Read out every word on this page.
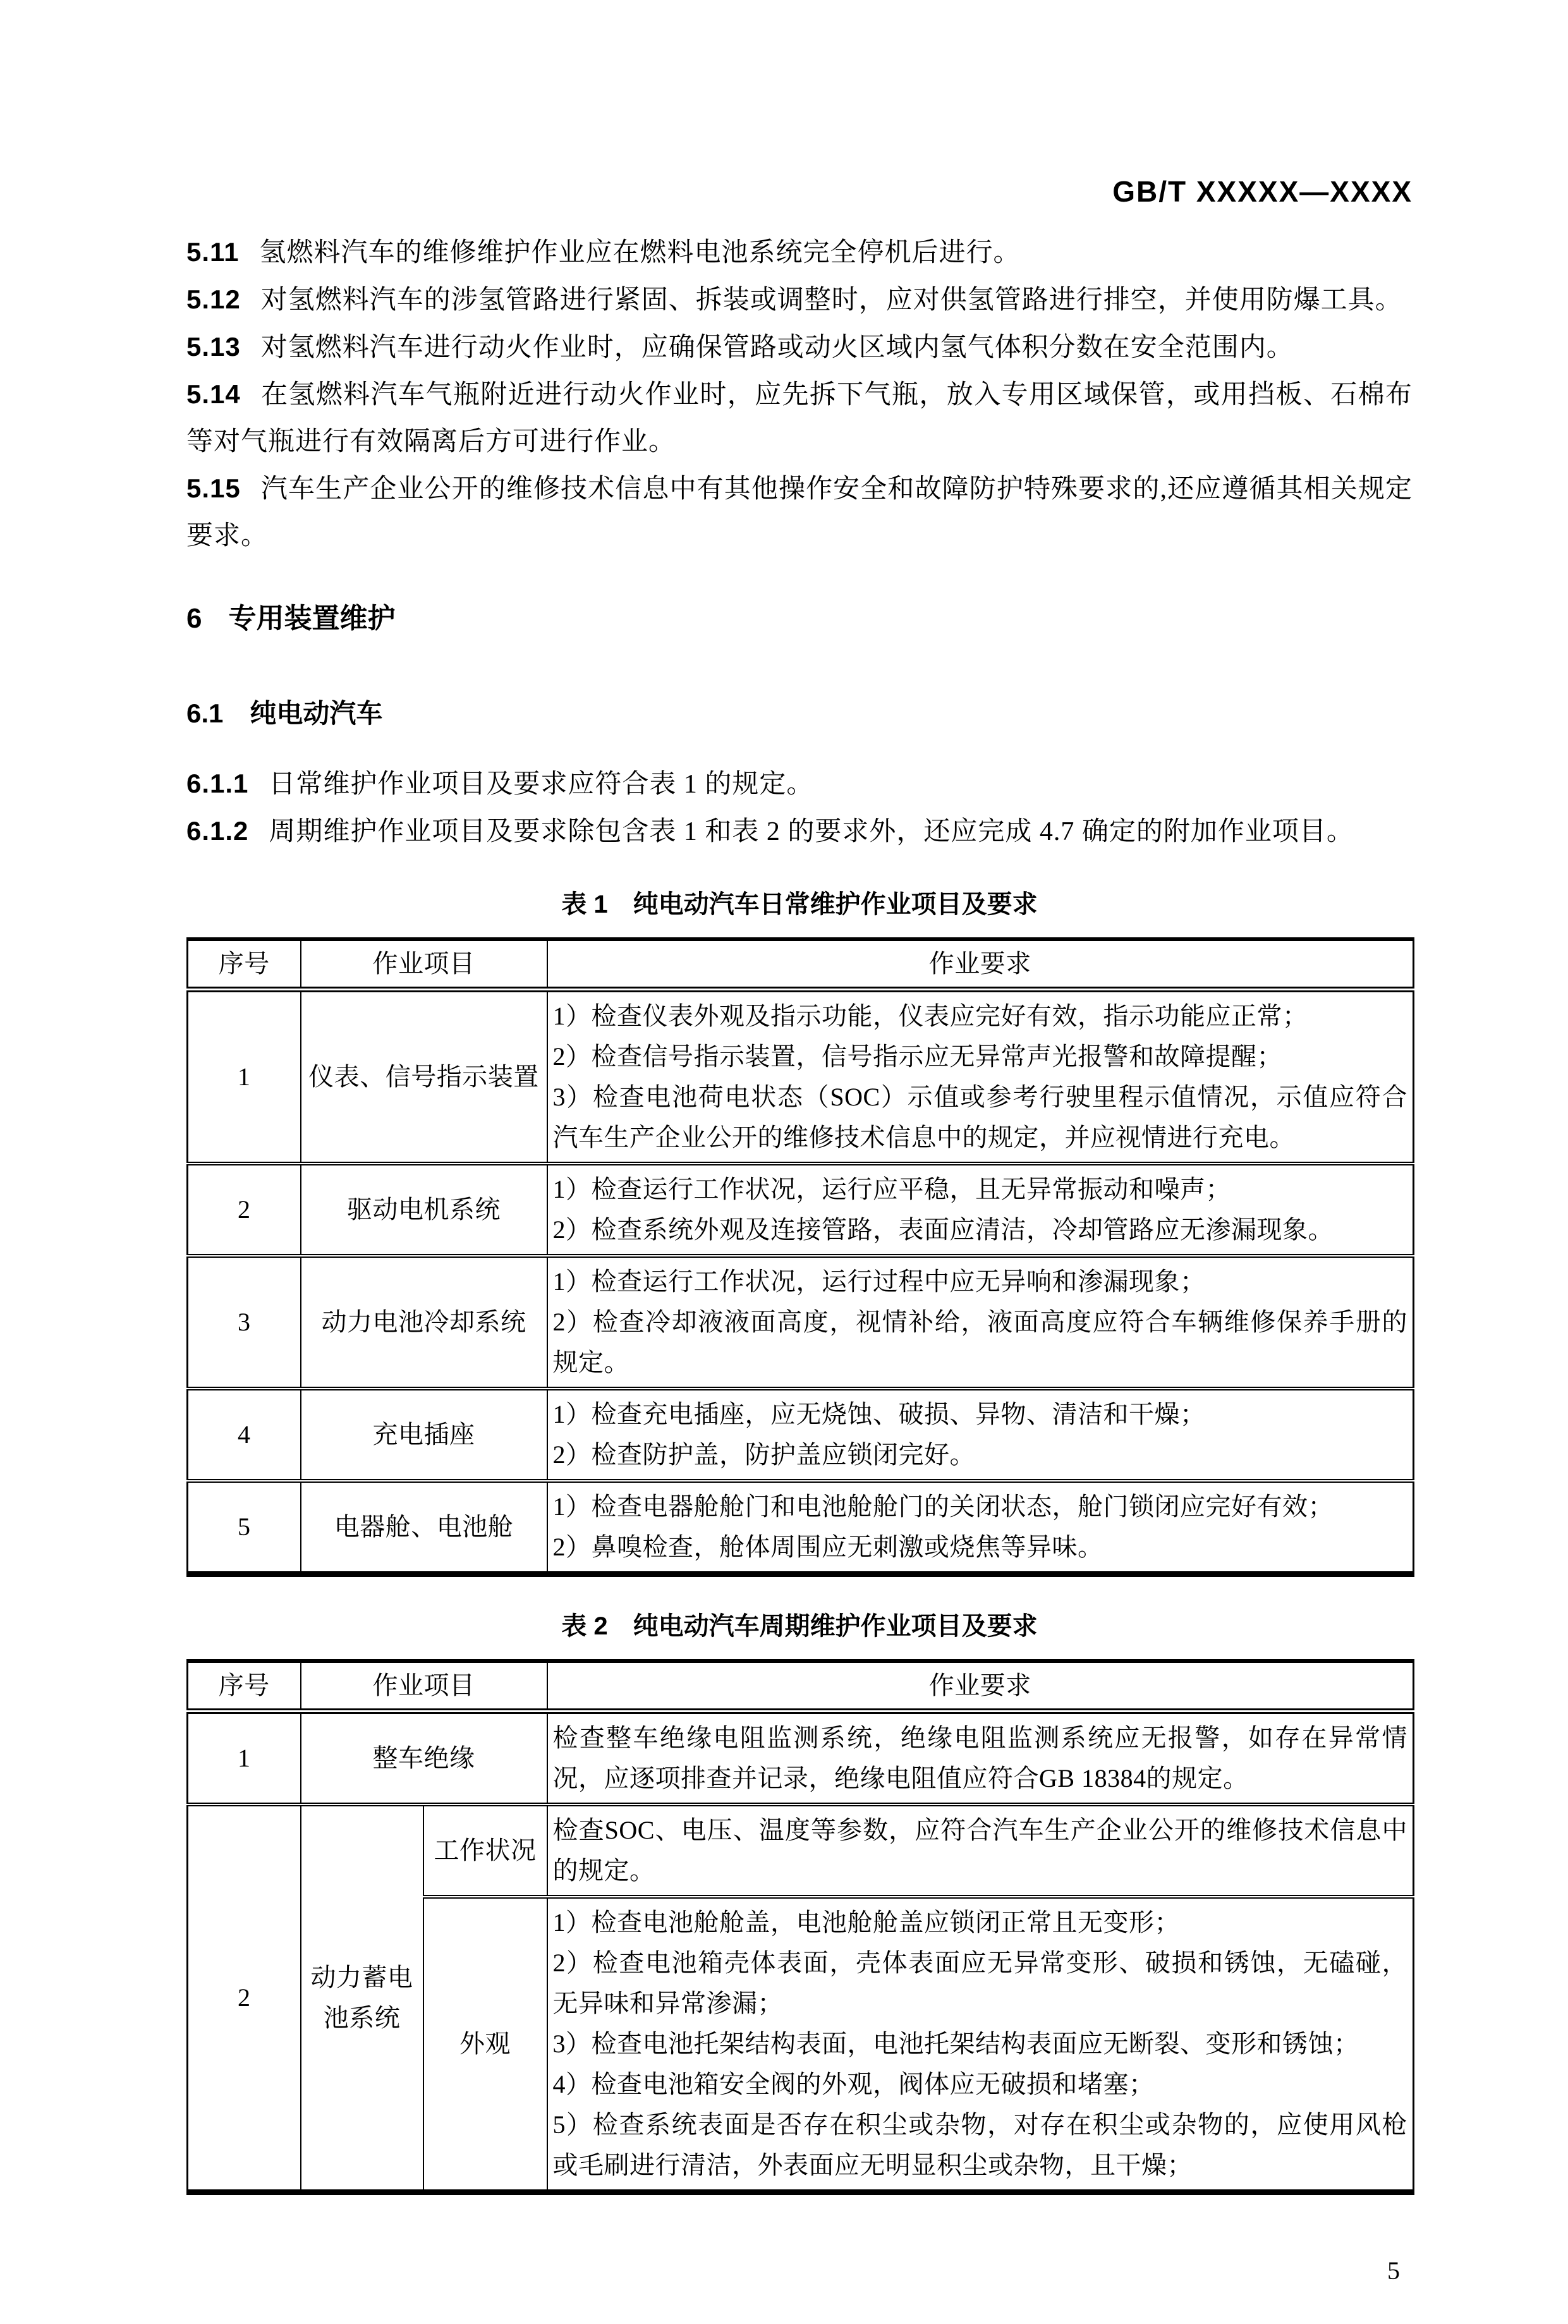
GB/T XXXXX—XXXX

5.11 氢燃料汽车的维修维护作业应在燃料电池系统完全停机后进行。

5.12 对氢燃料汽车的涉氢管路进行紧固、拆装或调整时，应对供氢管路进行排空，并使用防爆工具。

5.13 对氢燃料汽车进行动火作业时，应确保管路或动火区域内氢气体积分数在安全范围内。

5.14 在氢燃料汽车气瓶附近进行动火作业时，应先拆下气瓶，放入专用区域保管，或用挡板、石棉布等对气瓶进行有效隔离后方可进行作业。

5.15 汽车生产企业公开的维修技术信息中有其他操作安全和故障防护特殊要求的,还应遵循其相关规定要求。

6 专用装置维护
6.1 纯电动汽车

6.1.1 日常维护作业项目及要求应符合表 1 的规定。

6.1.2 周期维护作业项目及要求除包含表 1 和表 2 的要求外，还应完成 4.7 确定的附加作业项目。

表 1　纯电动汽车日常维护作业项目及要求
序号	作业项目	作业要求
1	仪表、信号指示装置	1）检查仪表外观及指示功能，仪表应完好有效，指示功能应正常；
2）检查信号指示装置，信号指示应无异常声光报警和故障提醒；
3）检查电池荷电状态（SOC）示值或参考行驶里程示值情况，示值应符合汽车生产企业公开的维修技术信息中的规定，并应视情进行充电。

2	驱动电机系统	1）检查运行工作状况，运行应平稳，且无异常振动和噪声；
2）检查系统外观及连接管路，表面应清洁，冷却管路应无渗漏现象。

3	动力电池冷却系统	1）检查运行工作状况，运行过程中应无异响和渗漏现象；
2）检查冷却液液面高度，视情补给，液面高度应符合车辆维修保养手册的规定。

4	充电插座	1）检查充电插座，应无烧蚀、破损、异物、清洁和干燥；
2）检查防护盖，防护盖应锁闭完好。

5	电器舱、电池舱	1）检查电器舱舱门和电池舱舱门的关闭状态，舱门锁闭应完好有效；
2）鼻嗅检查，舱体周围应无刺激或烧焦等异味。
表 2　纯电动汽车周期维护作业项目及要求
序号	作业项目		作业要求
1	整车绝缘		检查整车绝缘电阻监测系统，绝缘电阻监测系统应无报警，如存在异常情况，应逐项排查并记录，绝缘电阻值应符合GB 18384的规定。

2	动力蓄电池系统	工作状况	检查SOC、电压、温度等参数，应符合汽车生产企业公开的维修技术信息中的规定。

		外观	1）检查电池舱舱盖，电池舱舱盖应锁闭正常且无变形；
2）检查电池箱壳体表面，壳体表面应无异常变形、破损和锈蚀，无磕碰，无异味和异常渗漏；
3）检查电池托架结构表面，电池托架结构表面应无断裂、变形和锈蚀；
4）检查电池箱安全阀的外观，阀体应无破损和堵塞；
5）检查系统表面是否存在积尘或杂物，对存在积尘或杂物的，应使用风枪或毛刷进行清洁，外表面应无明显积尘或杂物，且干燥；
5
